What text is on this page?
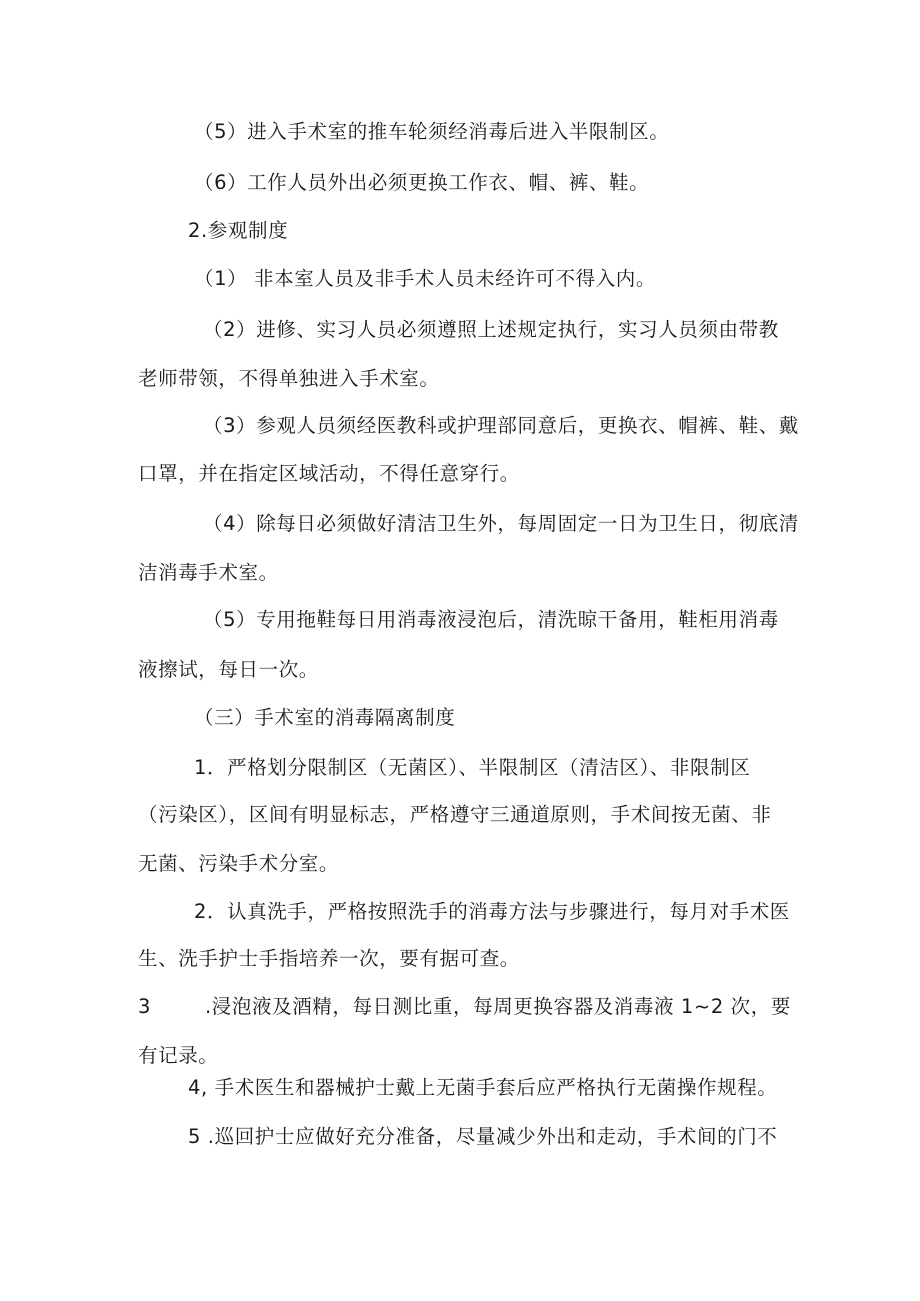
（5）进入手术室的推车轮须经消毒后进入半限制区。
（6）工作人员外出必须更换工作衣、帽、裤、鞋。
2.参观制度
（1） 非本室人员及非手术人员未经许可不得入内。
（2）进修、实习人员必须遵照上述规定执行，实习人员须由带教
老师带领，不得单独进入手术室。
（3）参观人员须经医教科或护理部同意后，更换衣、帽裤、鞋、戴
口罩，并在指定区域活动，不得任意穿行。
（4）除每日必须做好清洁卫生外，每周固定一日为卫生日，彻底清
洁消毒手术室。
（5）专用拖鞋每日用消毒液浸泡后，清洗晾干备用，鞋柜用消毒
液擦试，每日一次。
（三）手术室的消毒隔离制度
1．严格划分限制区（无菌区）、半限制区（清洁区）、非限制区
（污染区），区间有明显标志，严格遵守三通道原则，手术间按无菌、非
无菌、污染手术分室。
2．认真洗手，严格按照洗手的消毒方法与步骤进行，每月对手术医
生、洗手护士手指培养一次，要有据可查。
3	.浸泡液及酒精，每日测比重，每周更换容器及消毒液 1~2 次，要
有记录。
4, 手术医生和器械护士戴上无菌手套后应严格执行无菌操作规程。
5 .巡回护士应做好充分准备，尽量减少外出和走动，手术间的门不
